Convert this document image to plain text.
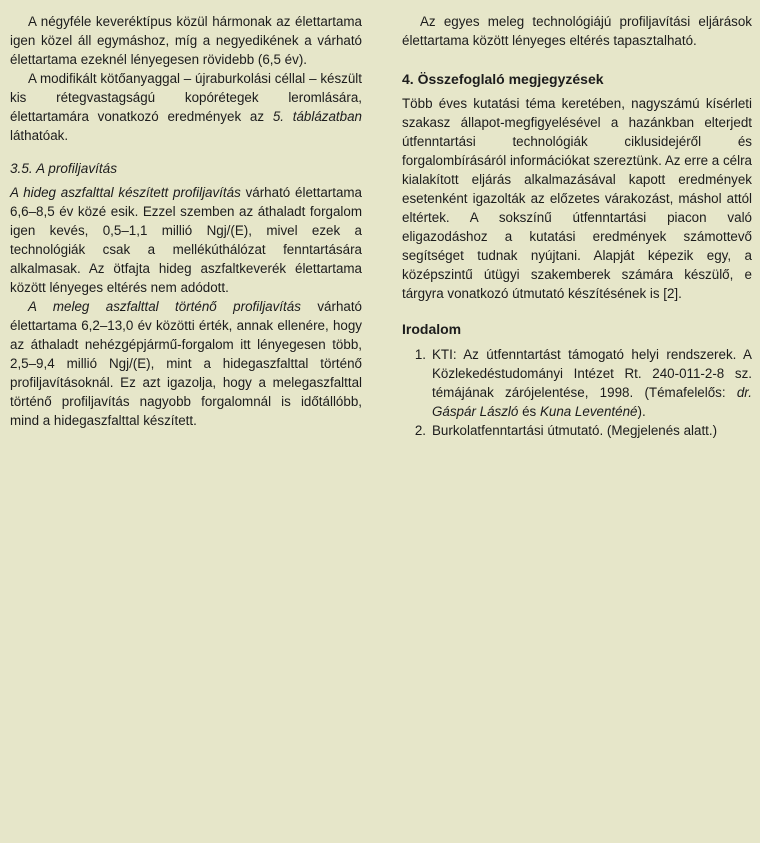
A négyféle keveréktípus közül hármonak az élettartama igen közel áll egymáshoz, míg a negyedikének a várható élettartama ezeknél lényegesen rövidebb (6,5 év).

A modifikált kötőanyaggal – újraburkolási céllal – készült kis rétegvastagságú kopórétegek leromlására, élettartamára vonatkozó eredmények az 5. táblázatban láthatóak.

3.5. A profiljavítás

A hideg aszfalttal készített profiljavítás várható élettartama 6,6–8,5 év közé esik. Ezzel szemben az áthaladt forgalom igen kevés, 0,5–1,1 millió Ngj/(E), mivel ezek a technológiák csak a mellékúthálózat fenntartására alkalmasak. Az ötfajta hideg aszfaltkeverék élettartama között lényeges eltérés nem adódott.

A meleg aszfalttal történő profiljavítás várható élettartama 6,2–13,0 év közötti érték, annak ellenére, hogy az áthaladt nehézgépjármű-forgalom itt lényegesen több, 2,5–9,4 millió Ngj/(E), mint a hidegaszfalttal történő profiljavításoknál. Ez azt igazolja, hogy a melegaszfalttal történő profiljavítás nagyobb forgalomnál is időtállóbb, mind a hidegaszfalttal készített.

Az egyes meleg technológiájú profiljavítási eljárások élettartama között lényeges eltérés tapasztalható.

4. Összefoglaló megjegyzések

Több éves kutatási téma keretében, nagyszámú kísérleti szakasz állapot-megfigyelésével a hazánkban elterjedt útfenntartási technológiák ciklusidejéről és forgalombírásáról információkat szereztünk. Az erre a célra kialakított eljárás alkalmazásával kapott eredmények esetenként igazolták az előzetes várakozást, máshol attól eltértek. A sokszínű útfenntartási piacon való eligazodáshoz a kutatási eredmények számottevő segítséget tudnak nyújtani. Alapját képezik egy, a középszintű útügyi szakemberek számára készülő, e tárgyra vonatkozó útmutató készítésének is [2].

Irodalom
1. KTI: Az útfenntartást támogató helyi rendszerek. A Közlekedéstudományi Intézet Rt. 240-011-2-8 sz. témájának zárójelentése, 1998. (Témafelelős: dr. Gáspár László és Kuna Leventéné).
2. Burkolatfenntartási útmutató. (Megjelenés alatt.)
